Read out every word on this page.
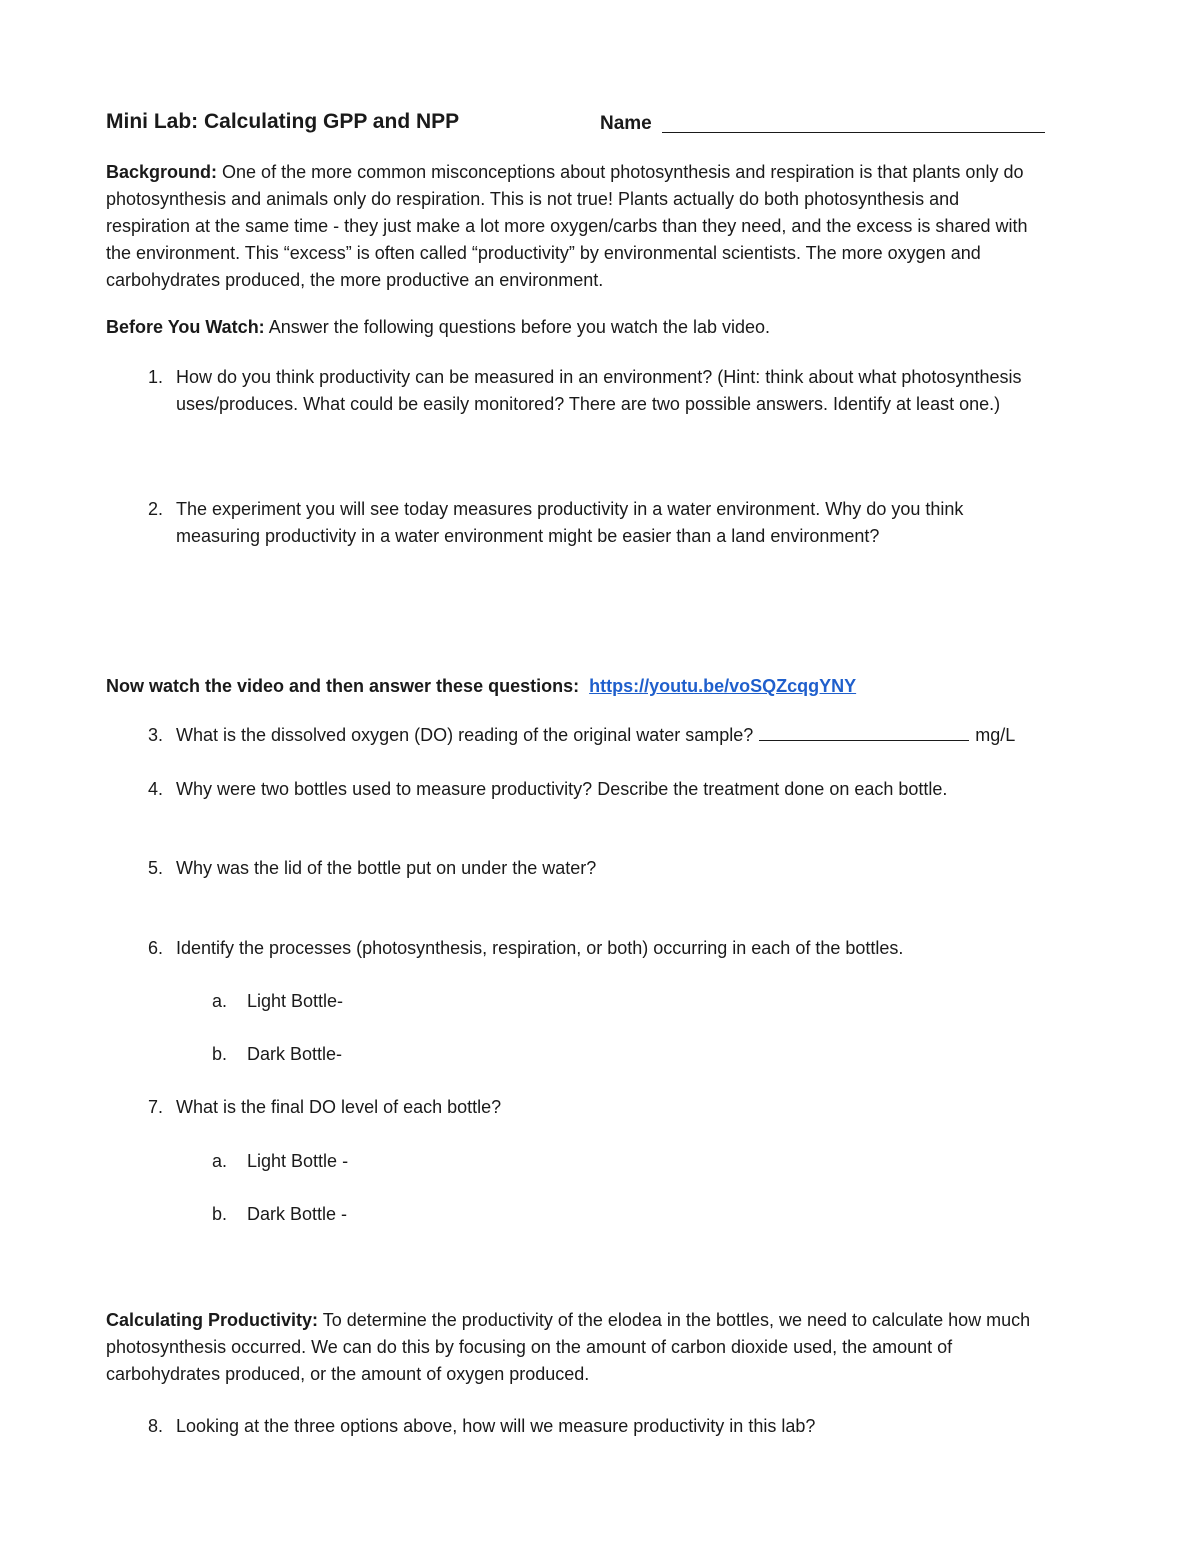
Mini Lab: Calculating GPP and NPP	Name
Background: One of the more common misconceptions about photosynthesis and respiration is that plants only do
photosynthesis and animals only do respiration. This is not true! Plants actually do both photosynthesis and
respiration at the same time - they just make a lot more oxygen/carbs than they need, and the excess is shared with
the environment. This “excess” is often called “productivity” by environmental scientists. The more oxygen and
carbohydrates produced, the more productive an environment.
Before You Watch: Answer the following questions before you watch the lab video.
1. How do you think productivity can be measured in an environment? (Hint: think about what photosynthesis
uses/produces. What could be easily monitored? There are two possible answers. Identify at least one.)
2. The experiment you will see today measures productivity in a water environment. Why do you think
measuring productivity in a water environment might be easier than a land environment?
Now watch the video and then answer these questions: https://youtu.be/voSQZcqgYNY
3. What is the dissolved oxygen (DO) reading of the original water sample?	mg/L
4. Why were two bottles used to measure productivity? Describe the treatment done on each bottle.
5. Why was the lid of the bottle put on under the water?
6. Identify the processes (photosynthesis, respiration, or both) occurring in each of the bottles.
a.	Light Bottle-
b.	Dark Bottle-
7. What is the final DO level of each bottle?
a.	Light Bottle -
b.	Dark Bottle -
Calculating Productivity: To determine the productivity of the elodea in the bottles, we need to calculate how much
photosynthesis occurred. We can do this by focusing on the amount of carbon dioxide used, the amount of
carbohydrates produced, or the amount of oxygen produced.
8. Looking at the three options above, how will we measure productivity in this lab?
